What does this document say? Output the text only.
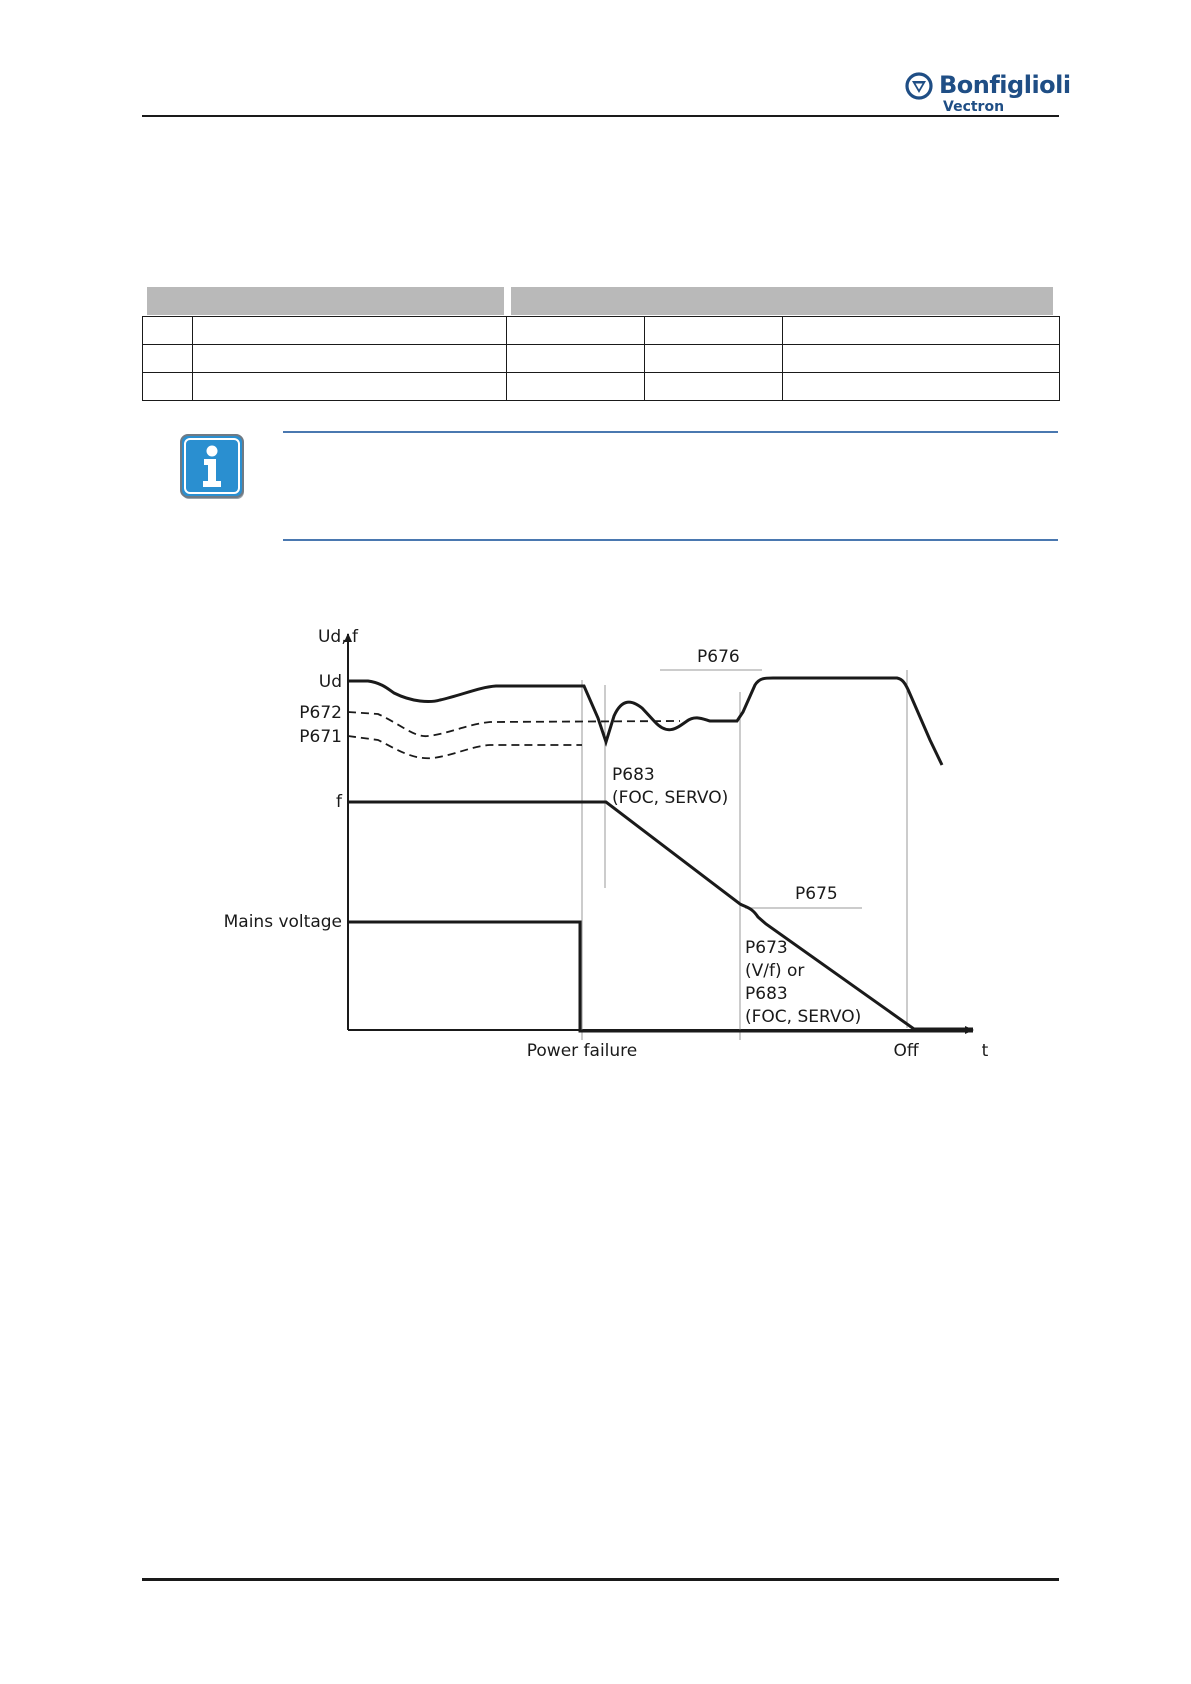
Bonfiglioli
Vectron

Ud, f
t
Ud
P672
P671
f
Mains voltage
P676
P683
(FOC, SERVO)
P675
P673
(V/f) or
P683
(FOC, SERVO)
Power failure	Off
